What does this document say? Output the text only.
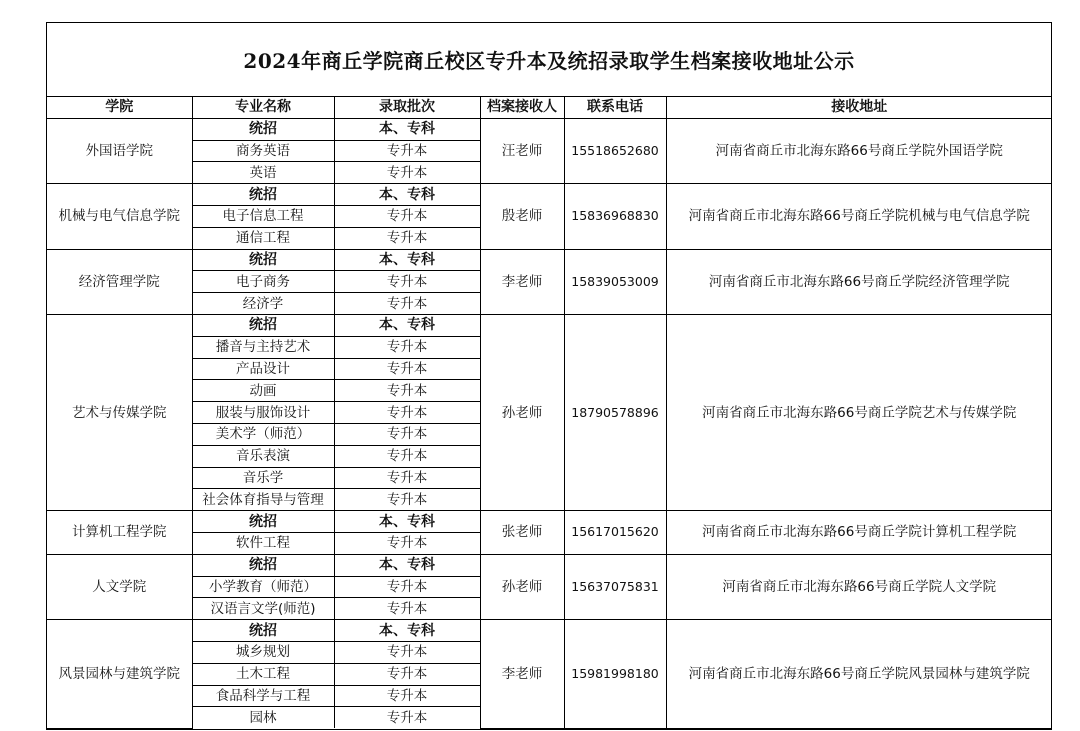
2024年商丘学院商丘校区专升本及统招录取学生档案接收地址公示
学院	专业名称	录取批次	档案接收人	联系电话	接收地址
外国语学院	统招	本、专科	汪老师	15518652680	河南省商丘市北海东路66号商丘学院外国语学院
	商务英语	专升本			
	英语	专升本			
机械与电气信息学院	统招	本、专科	殷老师	15836968830	河南省商丘市北海东路66号商丘学院机械与电气信息学院
	电子信息工程	专升本			
	通信工程	专升本			
经济管理学院	统招	本、专科	李老师	15839053009	河南省商丘市北海东路66号商丘学院经济管理学院
	电子商务	专升本			
	经济学	专升本			
艺术与传媒学院	统招	本、专科	孙老师	18790578896	河南省商丘市北海东路66号商丘学院艺术与传媒学院
	播音与主持艺术	专升本			
	产品设计	专升本			
	动画	专升本			
	服装与服饰设计	专升本			
	美术学（师范）	专升本			
	音乐表演	专升本			
	音乐学	专升本			
	社会体育指导与管理	专升本			
计算机工程学院	统招	本、专科	张老师	15617015620	河南省商丘市北海东路66号商丘学院计算机工程学院
	软件工程	专升本			
人文学院	统招	本、专科	孙老师	15637075831	河南省商丘市北海东路66号商丘学院人文学院
	小学教育（师范）	专升本			
	汉语言文学(师范)	专升本			
风景园林与建筑学院	统招	本、专科	李老师	15981998180	河南省商丘市北海东路66号商丘学院风景园林与建筑学院
	城乡规划	专升本			
	土木工程	专升本			
	食品科学与工程	专升本			
	园林	专升本			
